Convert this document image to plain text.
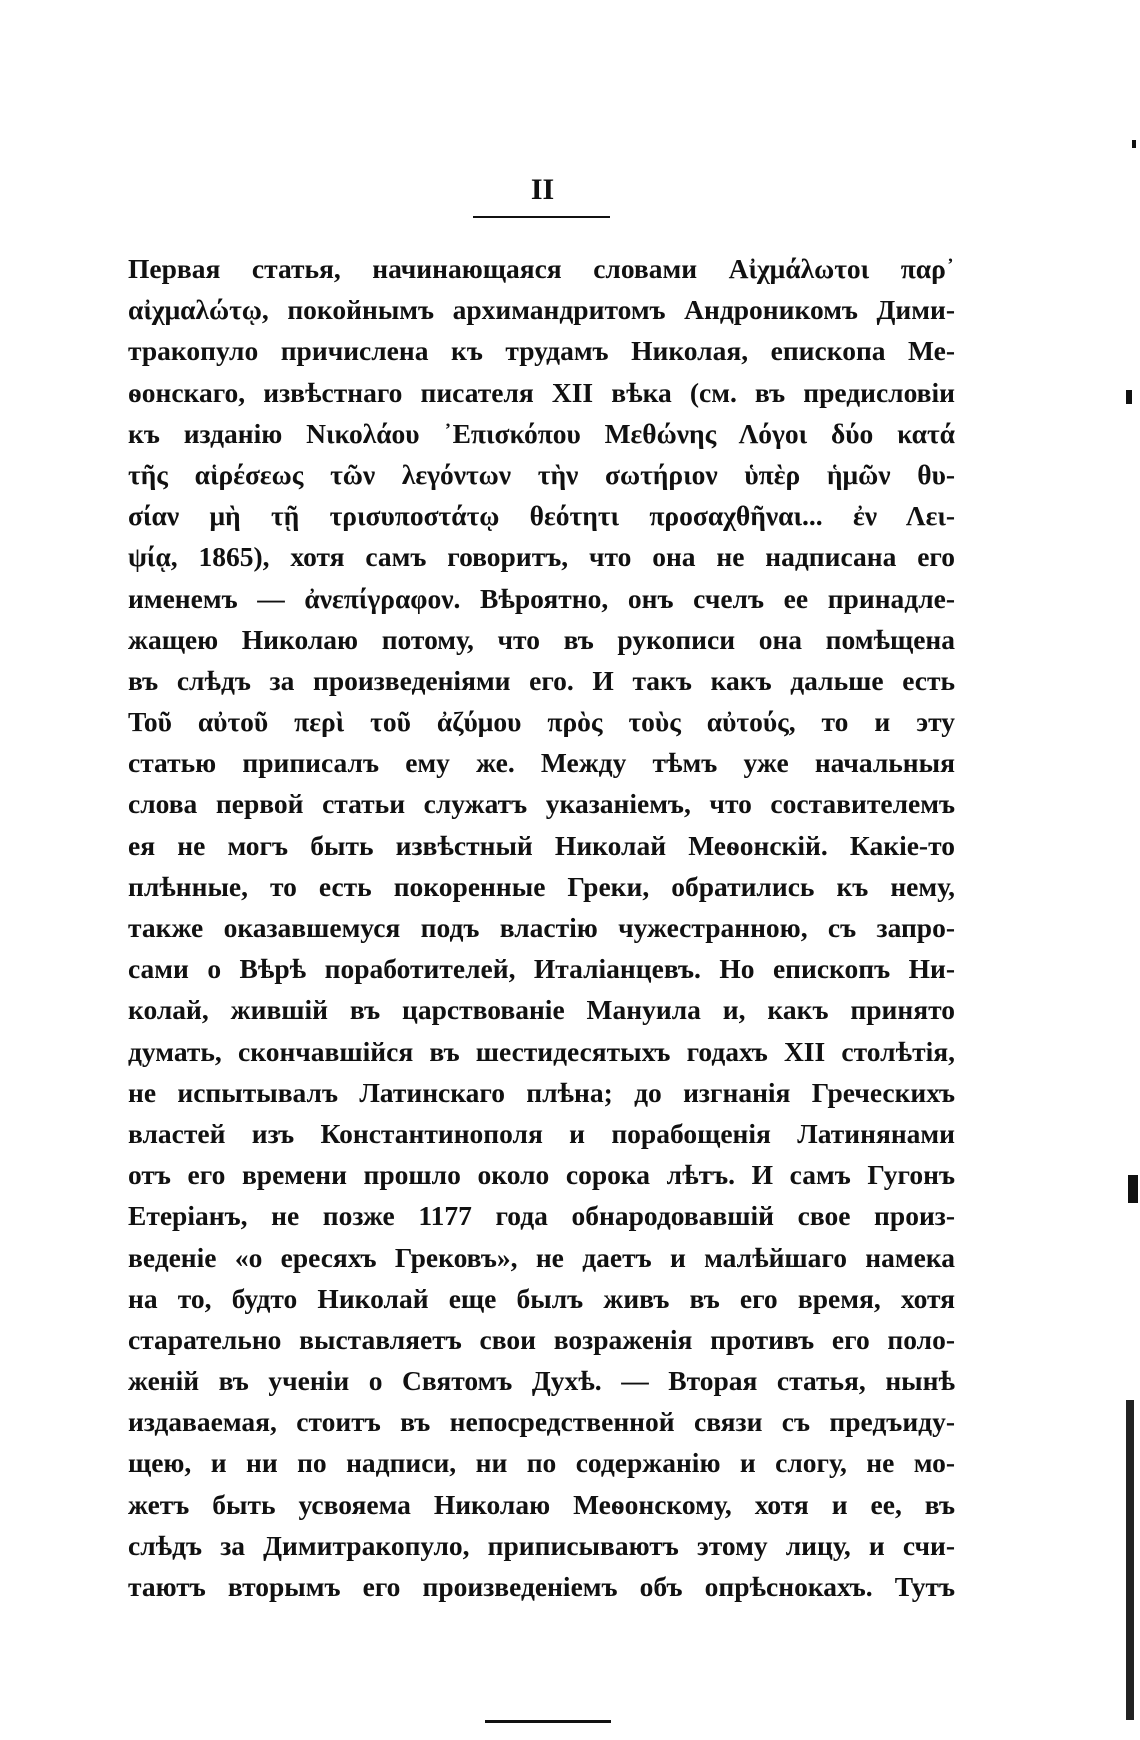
II
Первая статья, начинающаяся словами Αἰχμάλωτοι παρ᾿
αἰχμαλώτῳ, покойнымъ архимандритомъ Андроникомъ Дими-
тракопуло причислена къ трудамъ Николая, епископа Ме-
ѳонскаго, извѣстнаго писателя XII вѣка (см. въ предисловіи
къ изданію Νικολάου ᾿Επισκόπου Μεθώνης Λόγοι δύο κατά
τῆς αἱρέσεως τῶν λεγόντων τὴν σωτήριον ὑπὲρ ἡμῶν θυ-
σίαν μὴ τῇ τρισυποστάτῳ θεότητι προσαχθῆναι... ἐν Λει-
ψίᾳ, 1865), хотя самъ говоритъ, что она не надписана его
именемъ — ἀνεπίγραφον. Вѣроятно, онъ счелъ ее принадле-
жащею Николаю потому, что въ рукописи она помѣщена
въ слѣдъ за произведеніями его. И такъ какъ дальше есть
Τοῦ αὐτοῦ περὶ τοῦ ἀζύμου πρὸς τοὺς αὐτούς, то и эту
статью приписалъ ему же. Между тѣмъ уже начальныя
слова первой статьи служатъ указаніемъ, что составителемъ
ея не могъ быть извѣстный Николай Меѳонскій. Какіе-то
плѣнные, то есть покоренные Греки, обратились къ нему,
также оказавшемуся подъ властію чужестранною, съ запро-
сами о Вѣрѣ поработителей, Италіанцевъ. Но епископъ Ни-
колай, жившій въ царствованіе Мануила и, какъ принято
думать, скончавшійся въ шестидесятыхъ годахъ XII столѣтія,
не испытывалъ Латинскаго плѣна; до изгнанія Греческихъ
властей изъ Константинополя и порабощенія Латинянами
отъ его времени прошло около сорока лѣтъ. И самъ Гугонъ
Етеріанъ, не позже 1177 года обнародовавшій свое произ-
веденіе «о ересяхъ Грековъ», не даетъ и малѣйшаго намека
на то, будто Николай еще былъ живъ въ его время, хотя
старательно выставляетъ свои возраженія противъ его поло-
женій въ ученіи о Святомъ Духѣ. — Вторая статья, нынѣ
издаваемая, стоитъ въ непосредственной связи съ предъиду-
щею, и ни по надписи, ни по содержанію и слогу, не мо-
жетъ быть усвояема Николаю Меѳонскому, хотя и ее, въ
слѣдъ за Димитракопуло, приписываютъ этому лицу, и счи-
таютъ вторымъ его произведеніемъ объ опрѣснокахъ. Тутъ
